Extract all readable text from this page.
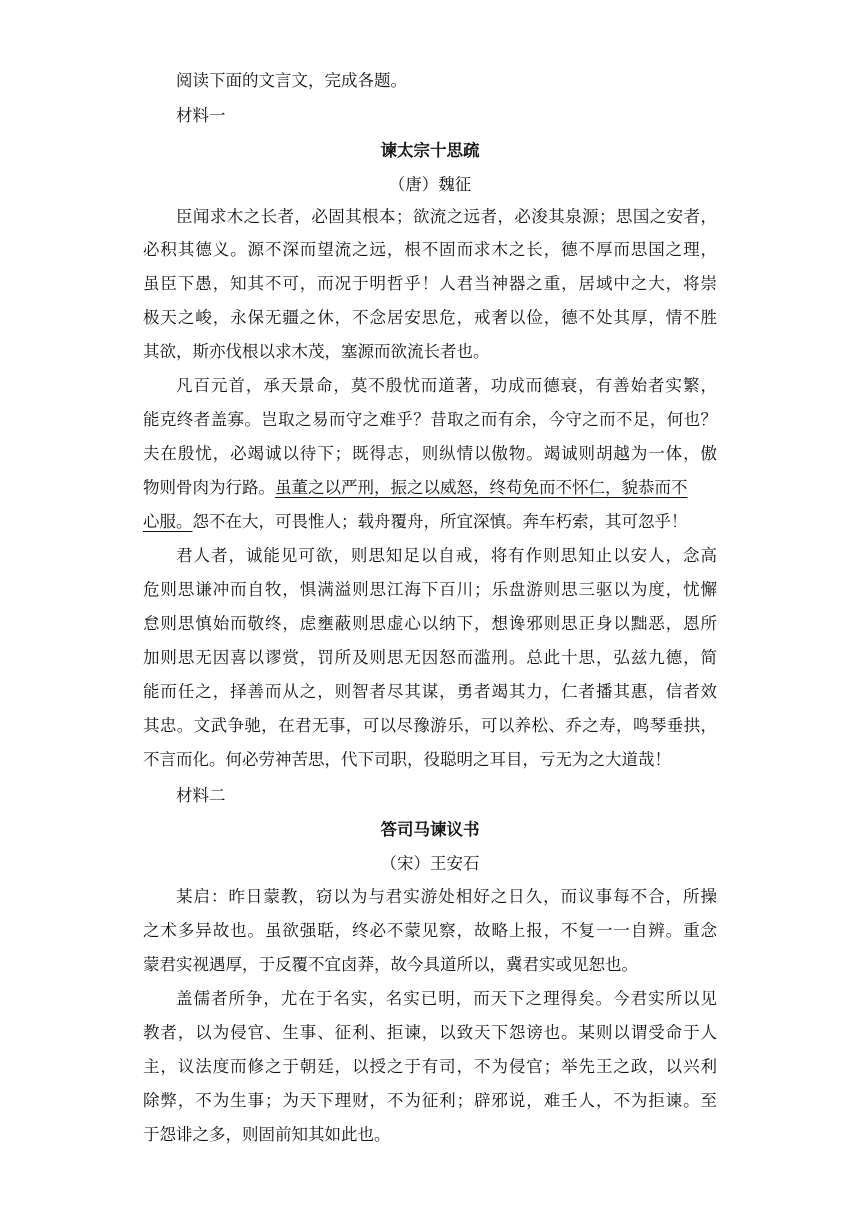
阅读下面的文言文，完成各题。
材料一
谏太宗十思疏
（唐）魏征
臣闻求木之长者，必固其根本；欲流之远者，必浚其泉源；思国之安者，
必积其德义。源不深而望流之远，根不固而求木之长，德不厚而思国之理，
虽臣下愚，知其不可，而况于明哲乎！人君当神器之重，居域中之大，将崇
极天之峻，永保无疆之休，不念居安思危，戒奢以俭，德不处其厚，情不胜
其欲，斯亦伐根以求木茂，塞源而欲流长者也。
凡百元首，承天景命，莫不殷忧而道著，功成而德衰，有善始者实繁，
能克终者盖寡。岂取之易而守之难乎？昔取之而有余，今守之而不足，何也？
夫在殷忧，必竭诚以待下；既得志，则纵情以傲物。竭诚则胡越为一体，傲
物则骨肉为行路。虽董之以严刑，振之以威怒，终苟免而不怀仁，貌恭而不
心服。怨不在大，可畏惟人；载舟覆舟，所宜深慎。奔车朽索，其可忽乎！
君人者，诚能见可欲，则思知足以自戒，将有作则思知止以安人，念高
危则思谦冲而自牧，惧满溢则思江海下百川；乐盘游则思三驱以为度，忧懈
怠则思慎始而敬终，虑壅蔽则思虚心以纳下，想谗邪则思正身以黜恶，恩所
加则思无因喜以谬赏，罚所及则思无因怒而滥刑。总此十思，弘兹九德，简
能而任之，择善而从之，则智者尽其谋，勇者竭其力，仁者播其惠，信者效
其忠。文武争驰，在君无事，可以尽豫游乐，可以养松、乔之寿，鸣琴垂拱，
不言而化。何必劳神苦思，代下司职，役聪明之耳目，亏无为之大道哉！
材料二
答司马谏议书
（宋）王安石
某启：昨日蒙教，窃以为与君实游处相好之日久，而议事每不合，所操
之术多异故也。虽欲强聒，终必不蒙见察，故略上报，不复一一自辨。重念
蒙君实视遇厚，于反覆不宜卤莽，故今具道所以，冀君实或见恕也。
盖儒者所争，尤在于名实，名实已明，而天下之理得矣。今君实所以见
教者，以为侵官、生事、征利、拒谏，以致天下怨谤也。某则以谓受命于人
主，议法度而修之于朝廷，以授之于有司，不为侵官；举先王之政，以兴利
除弊，不为生事；为天下理财，不为征利；辟邪说，难壬人，不为拒谏。至
于怨诽之多，则固前知其如此也。
